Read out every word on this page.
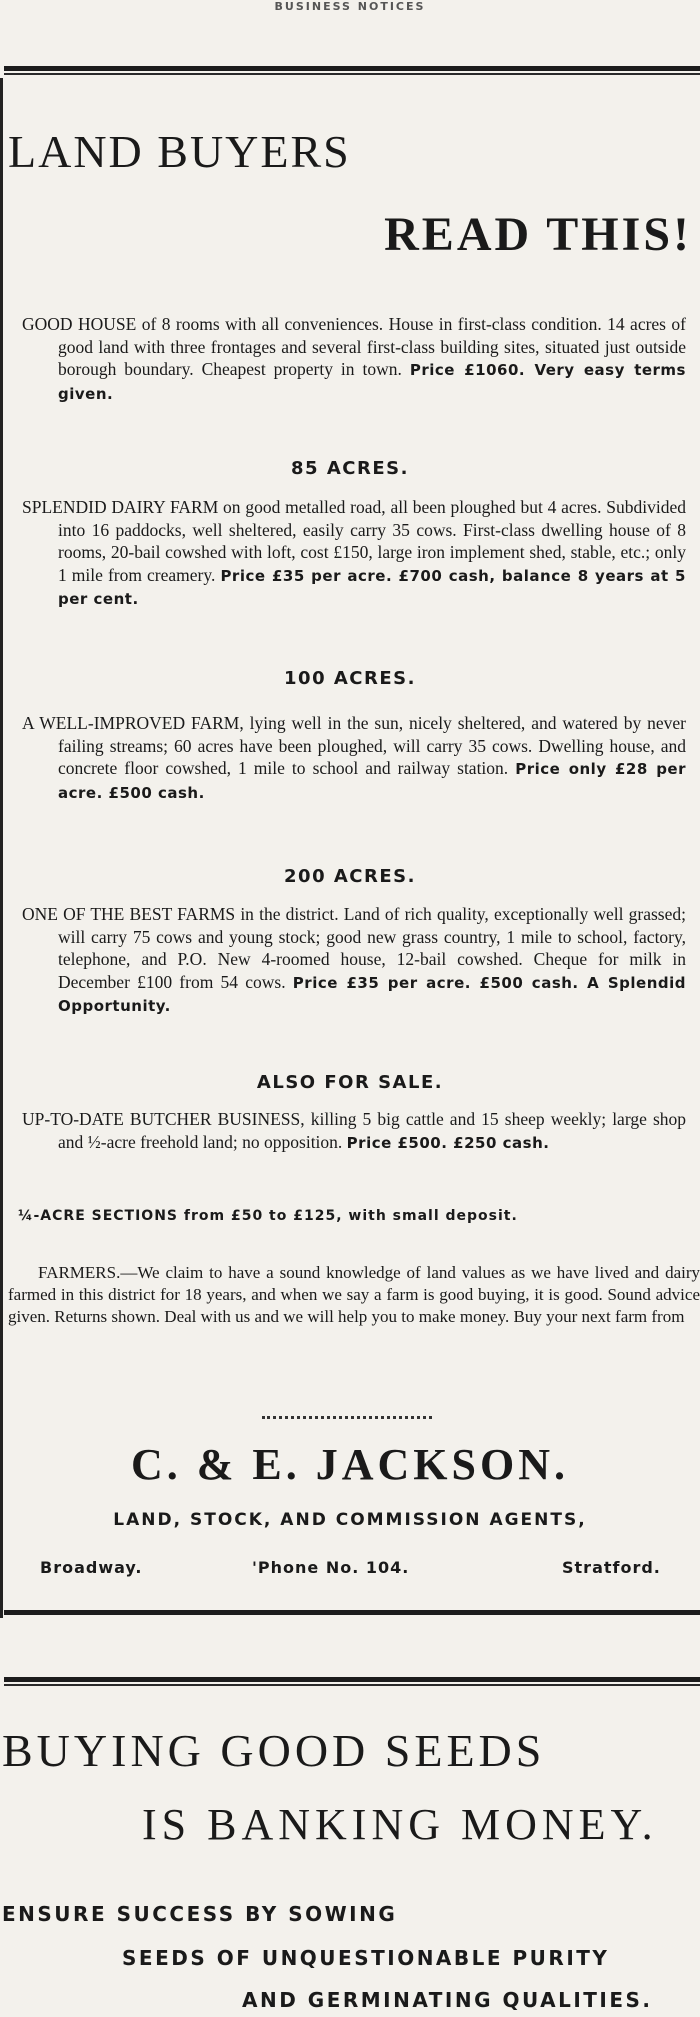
BUSINESS NOTICES
LAND BUYERS
READ THIS!
GOOD HOUSE of 8 rooms with all conveniences. House in first-class condition. 14 acres of good land with three frontages and several first-class building sites, situated just outside borough boundary. Cheapest property in town. Price £1060. Very easy terms given.
85 ACRES.
SPLENDID DAIRY FARM on good metalled road, all been ploughed but 4 acres. Subdivided into 16 paddocks, well sheltered, easily carry 35 cows. First-class dwelling house of 8 rooms, 20-bail cowshed with loft, cost £150, large iron implement shed, stable, etc.; only 1 mile from creamery. Price £35 per acre. £700 cash, balance 8 years at 5 per cent.
100 ACRES.
A WELL-IMPROVED FARM, lying well in the sun, nicely sheltered, and watered by never failing streams; 60 acres have been ploughed, will carry 35 cows. Dwelling house, and concrete floor cowshed, 1 mile to school and railway station. Price only £28 per acre. £500 cash.
200 ACRES.
ONE OF THE BEST FARMS in the district. Land of rich quality, exceptionally well grassed; will carry 75 cows and young stock; good new grass country, 1 mile to school, factory, telephone, and P.O. New 4-roomed house, 12-bail cowshed. Cheque for milk in December £100 from 54 cows. Price £35 per acre. £500 cash. A Splendid Opportunity.
ALSO FOR SALE.
UP-TO-DATE BUTCHER BUSINESS, killing 5 big cattle and 15 sheep weekly; large shop and ½-acre freehold land; no opposition. Price £500. £250 cash.
¼-ACRE SECTIONS from £50 to £125, with small deposit.
FARMERS.—We claim to have a sound knowledge of land values as we have lived and dairy farmed in this district for 18 years, and when we say a farm is good buying, it is good. Sound advice given. Returns shown. Deal with us and we will help you to make money. Buy your next farm from
C. & E. JACKSON.
LAND, STOCK, AND COMMISSION AGENTS,
Broadway.	'Phone No. 104.	Stratford.
BUYING GOOD SEEDS
IS BANKING MONEY.
ENSURE SUCCESS BY SOWING
SEEDS OF UNQUESTIONABLE PURITY
AND GERMINATING QUALITIES.
